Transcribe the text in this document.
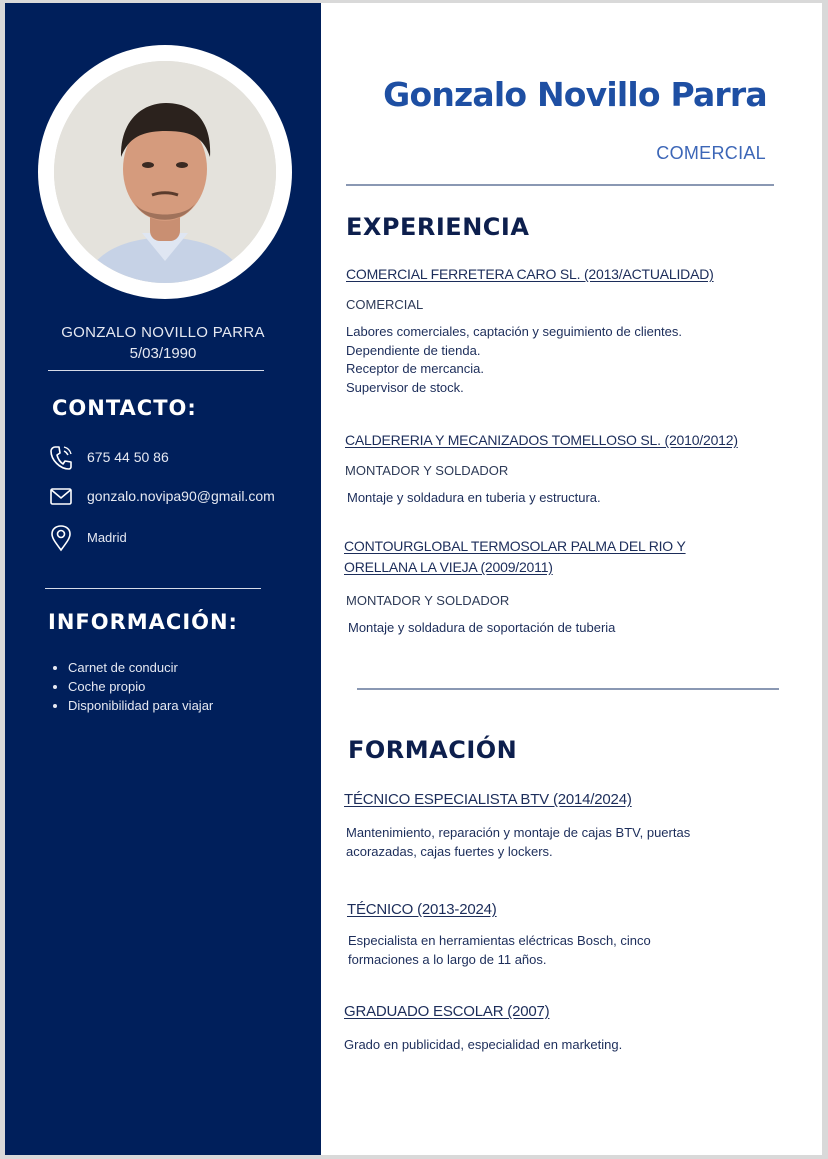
GONZALO NOVILLO PARRA
5/03/1990
CONTACTO:
675 44 50 86
gonzalo.novipa90@gmail.com
Madrid
INFORMACIÓN:
• Carnet de conducir
• Coche propio
• Disponibilidad para viajar
Gonzalo Novillo Parra
COMERCIAL
EXPERIENCIA
COMERCIAL FERRETERA CARO SL. (2013/ACTUALIDAD)
COMERCIAL
Labores comerciales, captación y seguimiento de clientes.
Dependiente de tienda.
Receptor de mercancia.
Supervisor de stock.
CALDERERIA Y MECANIZADOS TOMELLOSO SL. (2010/2012)
MONTADOR Y SOLDADOR
Montaje y soldadura en tuberia y estructura.
CONTOURGLOBAL TERMOSOLAR PALMA DEL RIO Y
ORELLANA LA VIEJA (2009/2011)
MONTADOR Y SOLDADOR
Montaje y soldadura de soportación de tuberia
FORMACIÓN
TÉCNICO ESPECIALISTA BTV (2014/2024)
Mantenimiento, reparación y montaje de cajas BTV, puertas
acorazadas, cajas fuertes y lockers.
TÉCNICO (2013-2024)
Especialista en herramientas eléctricas Bosch, cinco
formaciones a lo largo de 11 años.
GRADUADO ESCOLAR (2007)
Grado en publicidad, especialidad en marketing.
